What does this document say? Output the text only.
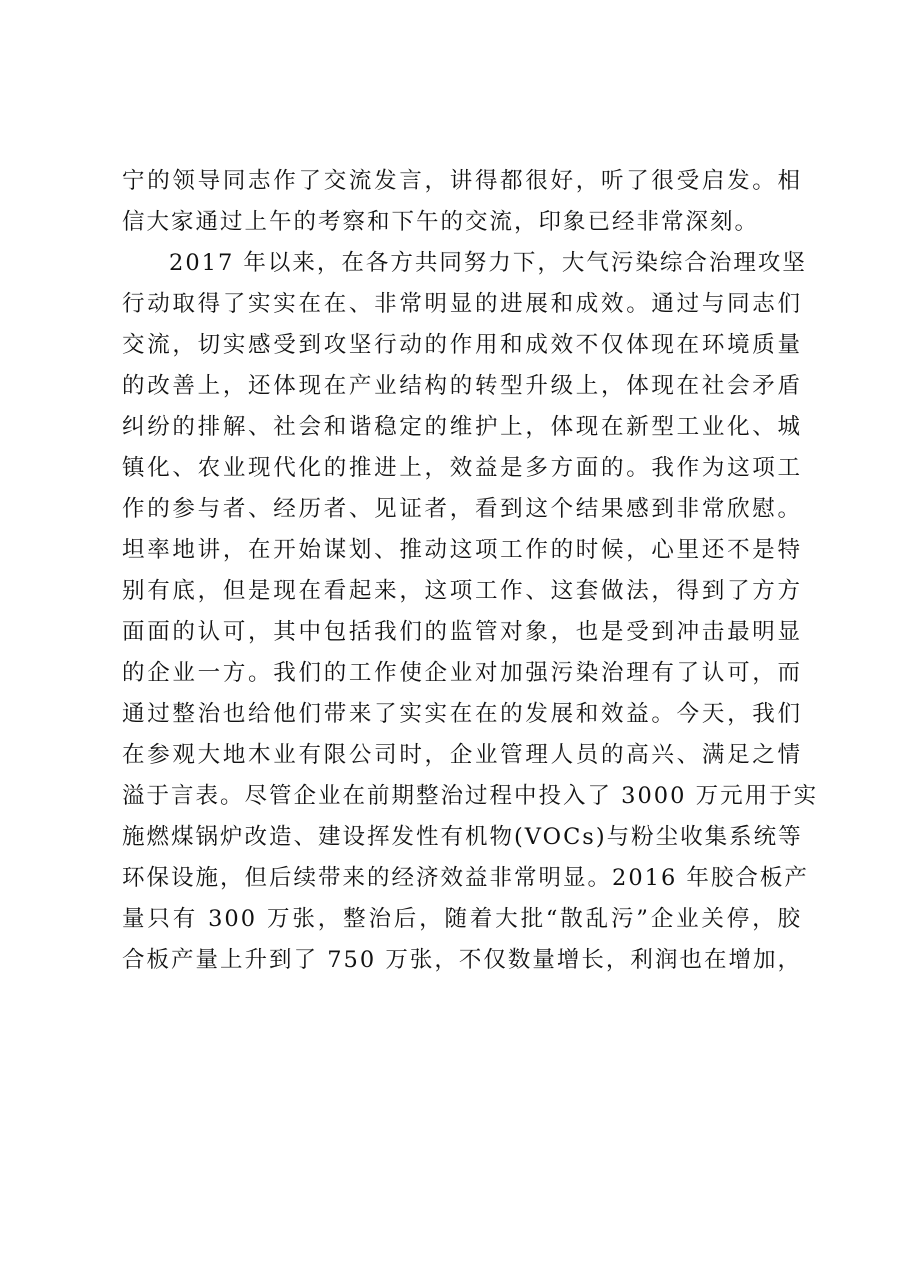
宁的领导同志作了交流发言，讲得都很好，听了很受启发。相
信大家通过上午的考察和下午的交流，印象已经非常深刻。
2017 年以来，在各方共同努力下，大气污染综合治理攻坚
行动取得了实实在在、非常明显的进展和成效。通过与同志们
交流，切实感受到攻坚行动的作用和成效不仅体现在环境质量
的改善上，还体现在产业结构的转型升级上，体现在社会矛盾
纠纷的排解、社会和谐稳定的维护上，体现在新型工业化、城
镇化、农业现代化的推进上，效益是多方面的。我作为这项工
作的参与者、经历者、见证者，看到这个结果感到非常欣慰。
坦率地讲，在开始谋划、推动这项工作的时候，心里还不是特
别有底，但是现在看起来，这项工作、这套做法，得到了方方
面面的认可，其中包括我们的监管对象，也是受到冲击最明显
的企业一方。我们的工作使企业对加强污染治理有了认可，而
通过整治也给他们带来了实实在在的发展和效益。今天，我们
在参观大地木业有限公司时，企业管理人员的高兴、满足之情
溢于言表。尽管企业在前期整治过程中投入了 3000 万元用于实
施燃煤锅炉改造、建设挥发性有机物(VOCs)与粉尘收集系统等
环保设施，但后续带来的经济效益非常明显。2016 年胶合板产
量只有 300 万张，整治后，随着大批“散乱污”企业关停，胶
合板产量上升到了 750 万张，不仅数量增长，利润也在增加，
